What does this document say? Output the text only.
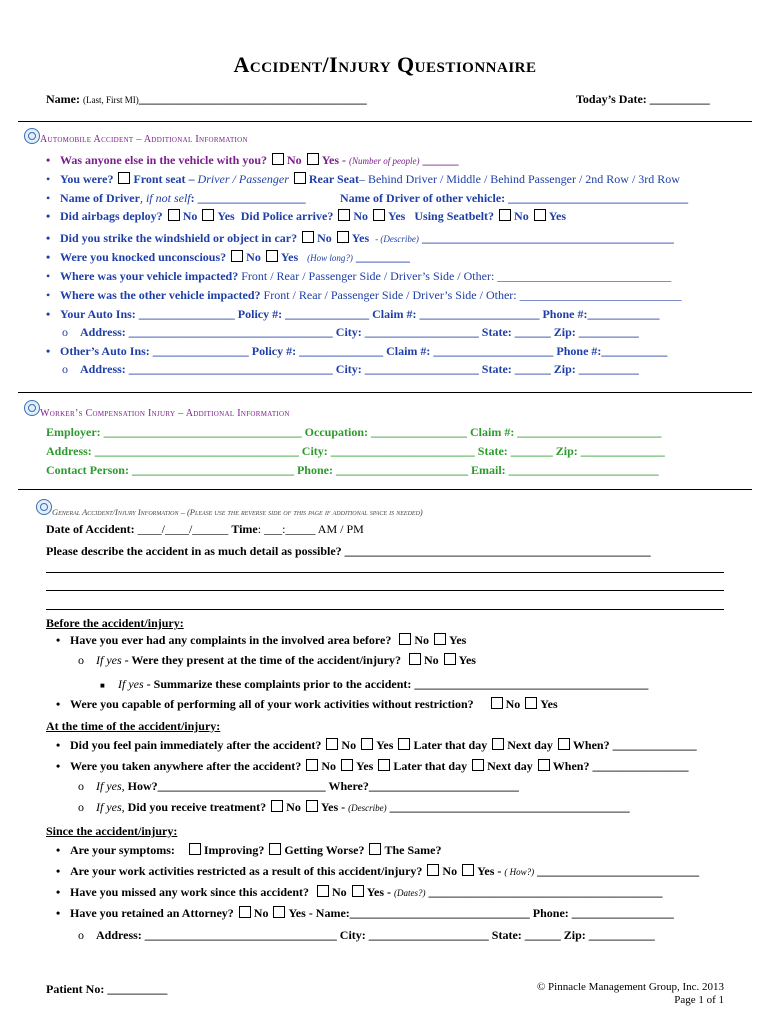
Accident/Injury Questionnaire
Name: (Last, First MI)______________________________________	Today’s Date: __________
Automobile Accident – Additional Information
• Was anyone else in the vehicle with you? No Yes - (Number of people) ______
• You were? Front seat – Driver / Passenger Rear Seat– Behind Driver / Middle / Behind Passenger / 2nd Row / 3rd Row
• Name of Driver, if not self: __________________	Name of Driver of other vehicle: ______________________________
• Did airbags deploy? No Yes Did Police arrive? No Yes Using Seatbelt? No Yes
• Did you strike the windshield or object in car? No Yes - (Describe) __________________________________________
• Were you knocked unconscious? No Yes (How long?) _________
• Where was your vehicle impacted? Front / Rear / Passenger Side / Driver’s Side / Other: _____________________________
• Where was the other vehicle impacted? Front / Rear / Passenger Side / Driver’s Side / Other: ___________________________
• Your Auto Ins: ________________ Policy #: ______________ Claim #: ____________________ Phone #:____________
o Address: __________________________________ City: ___________________ State: ______ Zip: __________
• Other’s Auto Ins: ________________ Policy #: ______________ Claim #: ____________________ Phone #:___________
o Address: __________________________________ City: ___________________ State: ______ Zip: __________
Worker’s Compensation Injury – Additional Information
Employer: _________________________________ Occupation: ________________ Claim #: ________________________
Address: __________________________________ City: ________________________ State: _______ Zip: ______________
Contact Person: ___________________________ Phone: ______________________ Email: _________________________
General Accident/Injury Information – (Please use the reverse side of this page if additional space is needed)
Date of Accident: ____/____/______ Time: ___:_____ AM / PM
Please describe the accident in as much detail as possible? ___________________________________________________
Before the accident/injury:
• Have you ever had any complaints in the involved area before? No Yes
o If yes - Were they present at the time of the accident/injury? No Yes
■ If yes - Summarize these complaints prior to the accident: _______________________________________
• Were you capable of performing all of your work activities without restriction?	No Yes
At the time of the accident/injury:
• Did you feel pain immediately after the accident? No Yes Later that day Next day When? ______________
• Were you taken anywhere after the accident? No Yes Later that day Next day When? ________________
o If yes, How?____________________________ Where?_________________________
o If yes, Did you receive treatment? No Yes - (Describe) ________________________________________
Since the accident/injury:
• Are your symptoms: Improving? Getting Worse? The Same?
• Are your work activities restricted as a result of this accident/injury? No Yes - ( How?) ___________________________
• Have you missed any work since this accident? No Yes - (Dates?) _______________________________________
• Have you retained an Attorney? No Yes - Name:______________________________ Phone: _________________
o Address: ________________________________ City: ____________________ State: ______ Zip: ___________
Patient No: __________	© Pinnacle Management Group, Inc. 2013
Page 1 of 1
